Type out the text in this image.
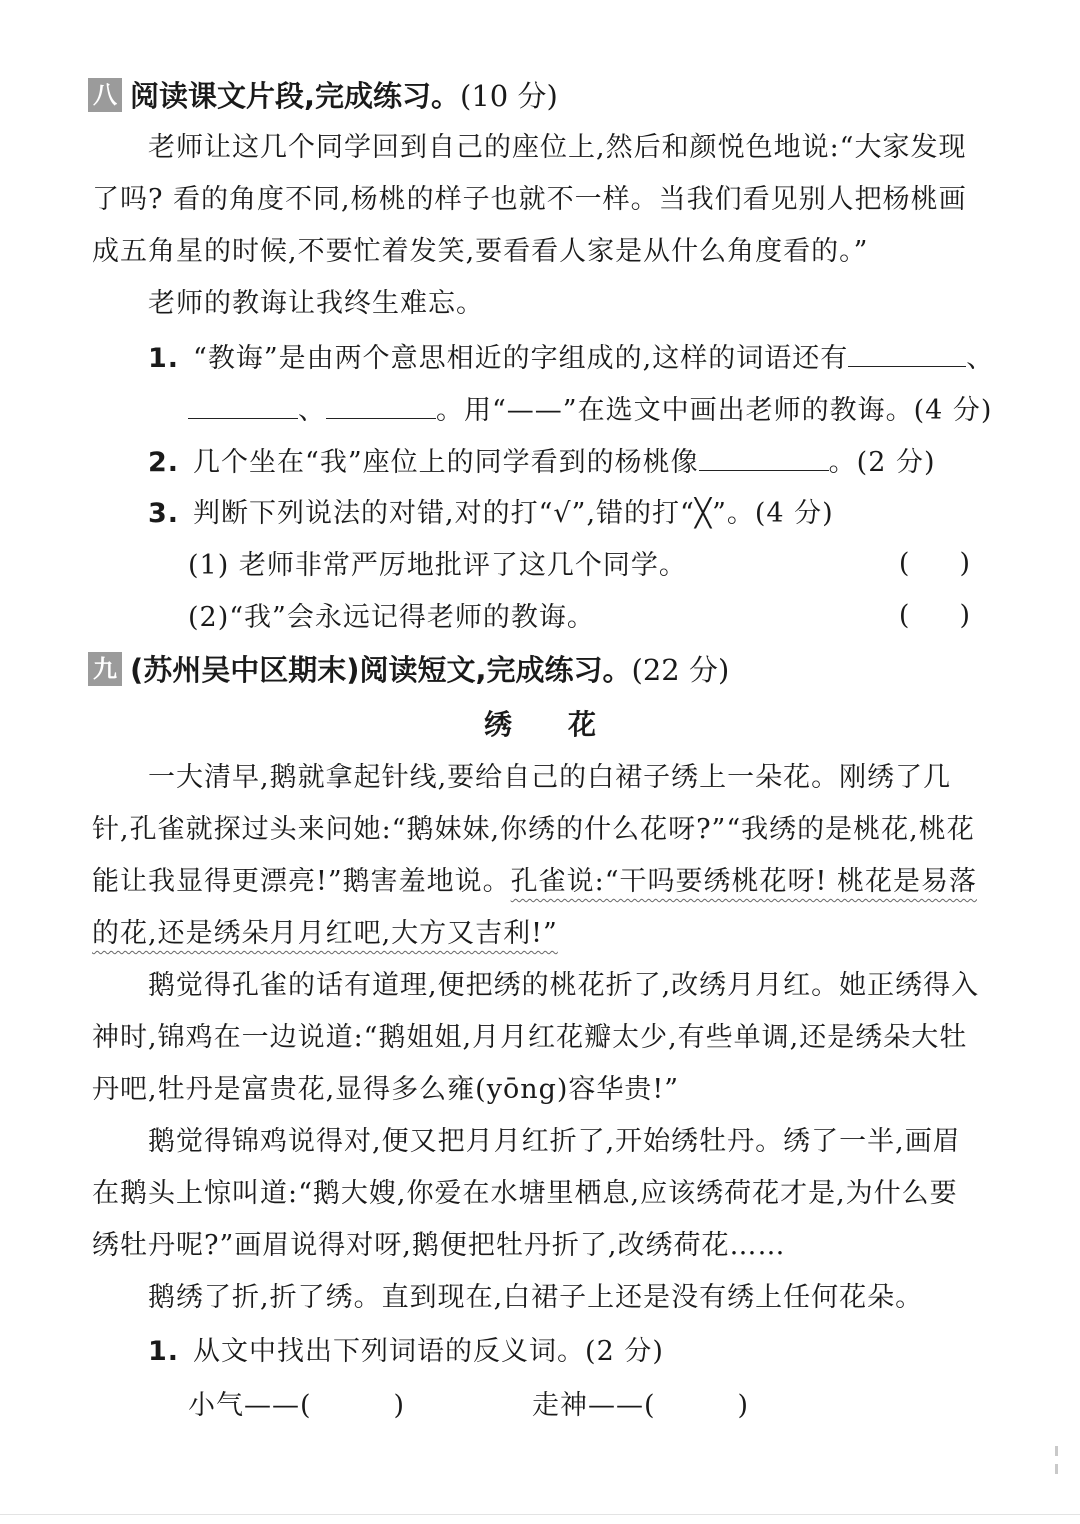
八 阅读课文片段,完成练习。(10 分)
老师让这几个同学回到自己的座位上,然后和颜悦色地说:“大家发现
了吗? 看的角度不同,杨桃的样子也就不一样。当我们看见别人把杨桃画
成五角星的时候,不要忙着发笑,要看看人家是从什么角度看的。”
老师的教诲让我终生难忘。
1. “教诲”是由两个意思相近的字组成的,这样的词语还有	、
、	。用“——”在选文中画出老师的教诲。(4 分)
2. 几个坐在“我”座位上的同学看到的杨桃像	。(2 分)
3. 判断下列说法的对错,对的打“√”,错的打“╳”。(4 分)
(1) 老师非常严厉地批评了这几个同学。	()
(2)“我”会永远记得老师的教诲。	()
九 (苏州吴中区期末)阅读短文,完成练习。(22 分)
绣花
一大清早,鹅就拿起针线,要给自己的白裙子绣上一朵花。刚绣了几
针,孔雀就探过头来问她:“鹅妹妹,你绣的什么花呀?”“我绣的是桃花,桃花
能让我显得更漂亮!”鹅害羞地说。孔雀说:“干吗要绣桃花呀! 桃花是易落
的花,还是绣朵月月红吧,大方又吉利!”
鹅觉得孔雀的话有道理,便把绣的桃花折了,改绣月月红。她正绣得入
神时,锦鸡在一边说道:“鹅姐姐,月月红花瓣太少,有些单调,还是绣朵大牡
丹吧,牡丹是富贵花,显得多么雍(yōng)容华贵!”
鹅觉得锦鸡说得对,便又把月月红折了,开始绣牡丹。绣了一半,画眉
在鹅头上惊叫道:“鹅大嫂,你爱在水塘里栖息,应该绣荷花才是,为什么要
绣牡丹呢?”画眉说得对呀,鹅便把牡丹折了,改绣荷花……
鹅绣了折,折了绣。直到现在,白裙子上还是没有绣上任何花朵。
1. 从文中找出下列词语的反义词。(2 分)
小气——(	)	走神——(	)
